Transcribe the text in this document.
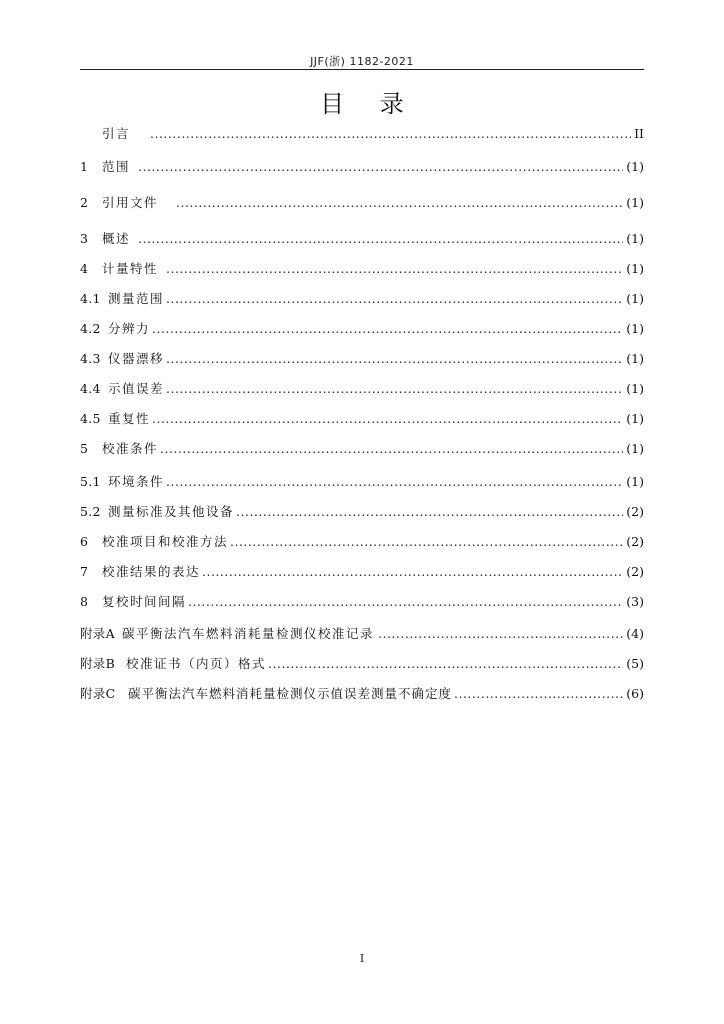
JJF(浙) 1182-2021
目 录
引言 .....	II
1	范围 .....	(1)
2	引用文件 .....	(1)
3	概述 .....	(1)
4	计量特性 .....	(1)
4.1 测量范围 .....	(1)
4.2 分辨力 .....	(1)
4.3 仪器漂移 .....	(1)
4.4 示值误差 .....	(1)
4.5 重复性 .....	(1)
5	校准条件 .....	(1)
5.1 环境条件 .....	(1)
5.2 测量标准及其他设备 .....	(2)
6	校准项目和校准方法 .....	(2)
7	校准结果的表达 .....	(2)
8	复校时间间隔 .....	(3)
附录A 碳平衡法汽车燃料消耗量检测仪校准记录 .....	(4)
附录B 校准证书（内页）格式 .....	(5)
附录C	碳平衡法汽车燃料消耗量检测仪示值误差测量不确定度 .....	(6)
I
